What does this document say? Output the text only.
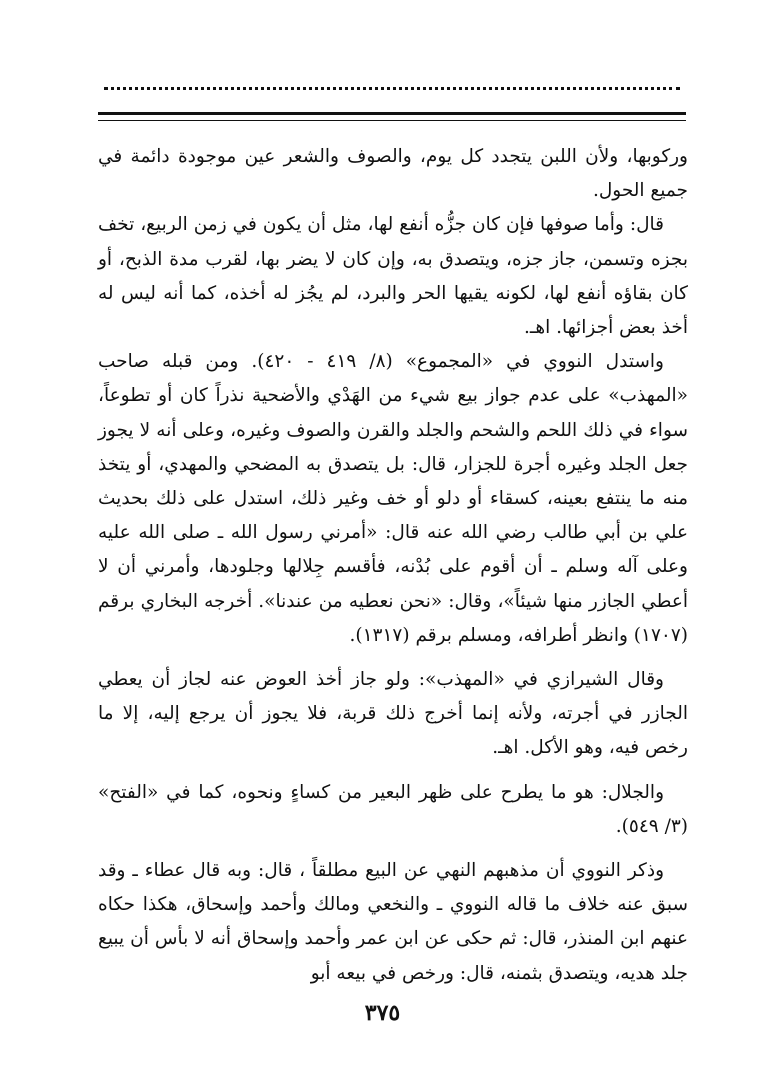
وركوبها، ولأن اللبن يتجدد كل يوم، والصوف والشعر عين موجودة دائمة في جميع الحول.

قال: وأما صوفها فإن كان جزُّه أنفع لها، مثل أن يكون في زمن الربيع، تخف بجزه وتسمن، جاز جزه، ويتصدق به، وإن كان لا يضر بها، لقرب مدة الذبح، أو كان بقاؤه أنفع لها، لكونه يقيها الحر والبرد، لم يجُز له أخذه، كما أنه ليس له أخذ بعض أجزائها. اهـ.

واستدل النووي في «المجموع» (٨/ ٤١٩ - ٤٢٠). ومن قبله صاحب «المهذب» على عدم جواز بيع شيء من الهَدْي والأضحية نذراً كان أو تطوعاً، سواء في ذلك اللحم والشحم والجلد والقرن والصوف وغيره، وعلى أنه لا يجوز جعل الجلد وغيره أجرة للجزار، قال: بل يتصدق به المضحي والمهدي، أو يتخذ منه ما ينتفع بعينه، كسقاء أو دلو أو خف وغير ذلك، استدل على ذلك بحديث علي بن أبي طالب رضي الله عنه قال: «أمرني رسول الله ـ صلى الله عليه وعلى آله وسلم ـ أن أقوم على بُدْنه، فأقسم جِلالها وجلودها، وأمرني أن لا أعطي الجازر منها شيئاً»، وقال: «نحن نعطيه من عندنا». أخرجه البخاري برقم (١٧٠٧) وانظر أطرافه، ومسلم برقم (١٣١٧).

وقال الشيرازي في «المهذب»: ولو جاز أخذ العوض عنه لجاز أن يعطي الجازر في أجرته، ولأنه إنما أخرج ذلك قربة، فلا يجوز أن يرجع إليه، إلا ما رخص فيه، وهو الأكل. اهـ.

والجلال: هو ما يطرح على ظهر البعير من كساءٍ ونحوه، كما في «الفتح» (٣/ ٥٤٩).

وذكر النووي أن مذهبهم النهي عن البيع مطلقاً ، قال: وبه قال عطاء ـ وقد سبق عنه خلاف ما قاله النووي ـ والنخعي ومالك وأحمد وإسحاق، هكذا حكاه عنهم ابن المنذر، قال: ثم حكى عن ابن عمر وأحمد وإسحاق أنه لا بأس أن يبيع جلد هديه، ويتصدق بثمنه، قال: ورخص في بيعه أبو

٣٧٥
